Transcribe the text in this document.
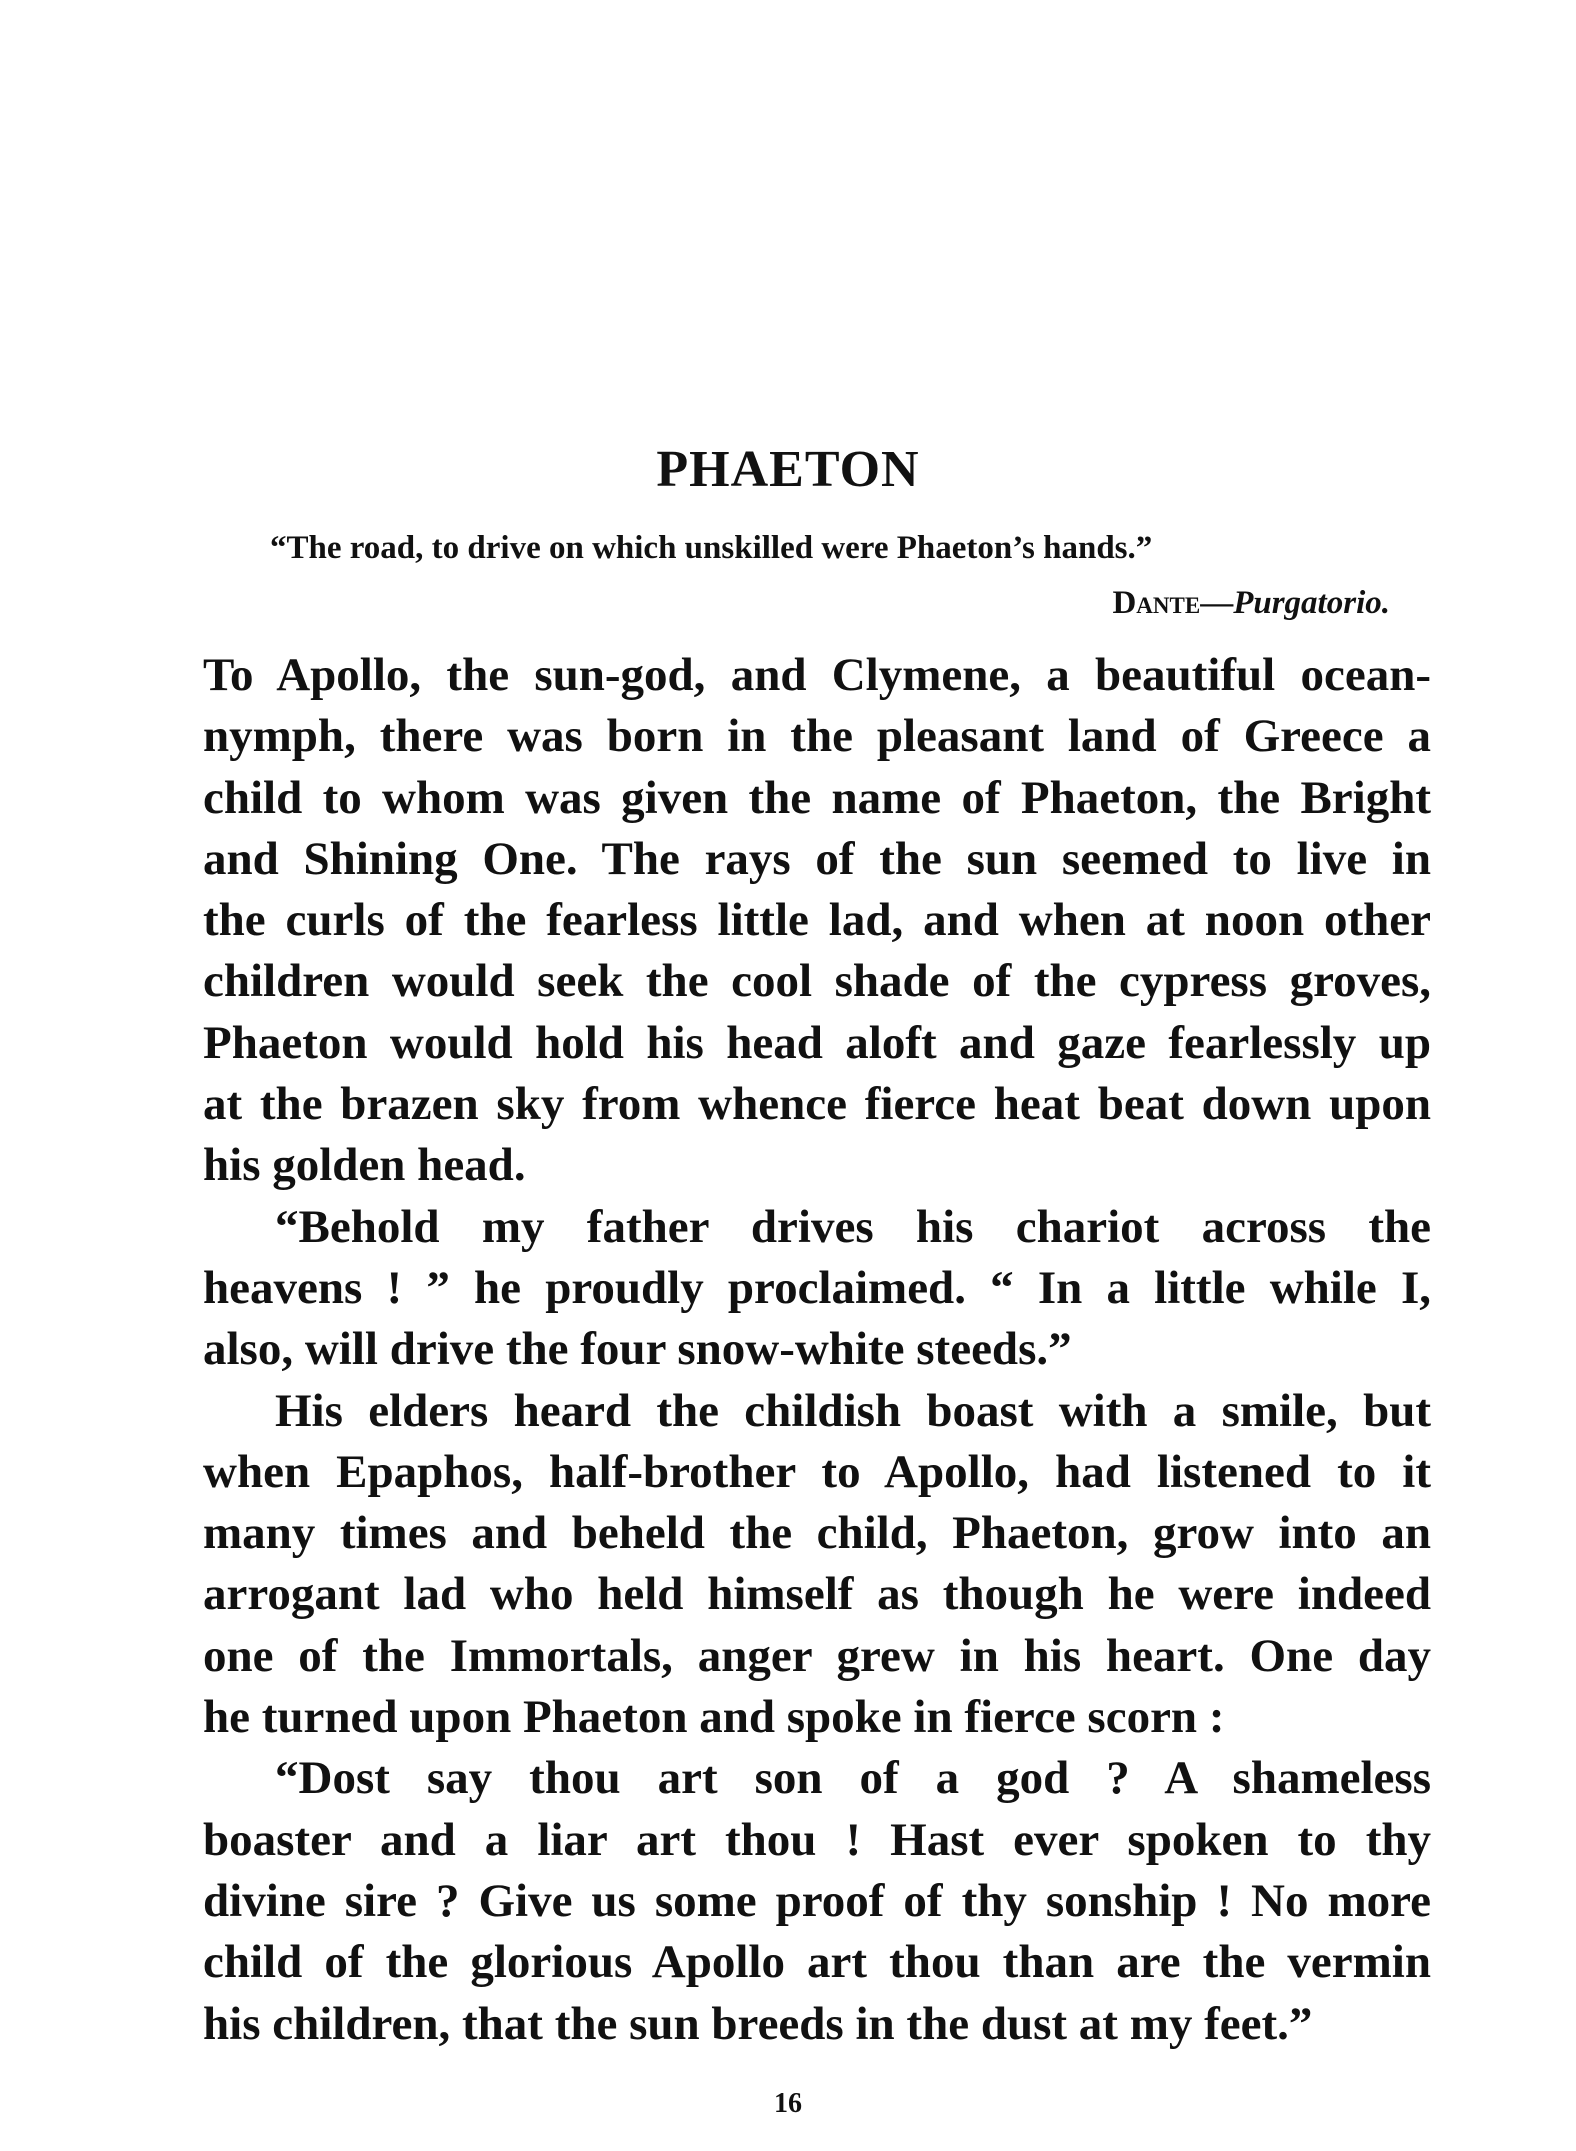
PHAETON
“The road, to drive on which unskilled were Phaeton’s hands.”
Dante—Purgatorio.
To Apollo, the sun-god, and Clymene, a beautiful ocean-
nymph, there was born in the pleasant land of Greece a
child to whom was given the name of Phaeton, the Bright
and Shining One. The rays of the sun seemed to live in
the curls of the fearless little lad, and when at noon other
children would seek the cool shade of the cypress groves,
Phaeton would hold his head aloft and gaze fearlessly up
at the brazen sky from whence fierce heat beat down upon
his golden head.
“Behold my father drives his chariot across the
heavens ! ” he proudly proclaimed. “ In a little while I,
also, will drive the four snow-white steeds.”
His elders heard the childish boast with a smile, but
when Epaphos, half-brother to Apollo, had listened to it
many times and beheld the child, Phaeton, grow into an
arrogant lad who held himself as though he were indeed
one of the Immortals, anger grew in his heart. One day
he turned upon Phaeton and spoke in fierce scorn :
“Dost say thou art son of a god ? A shameless
boaster and a liar art thou ! Hast ever spoken to thy
divine sire ? Give us some proof of thy sonship ! No more
child of the glorious Apollo art thou than are the vermin
his children, that the sun breeds in the dust at my feet.”
16
